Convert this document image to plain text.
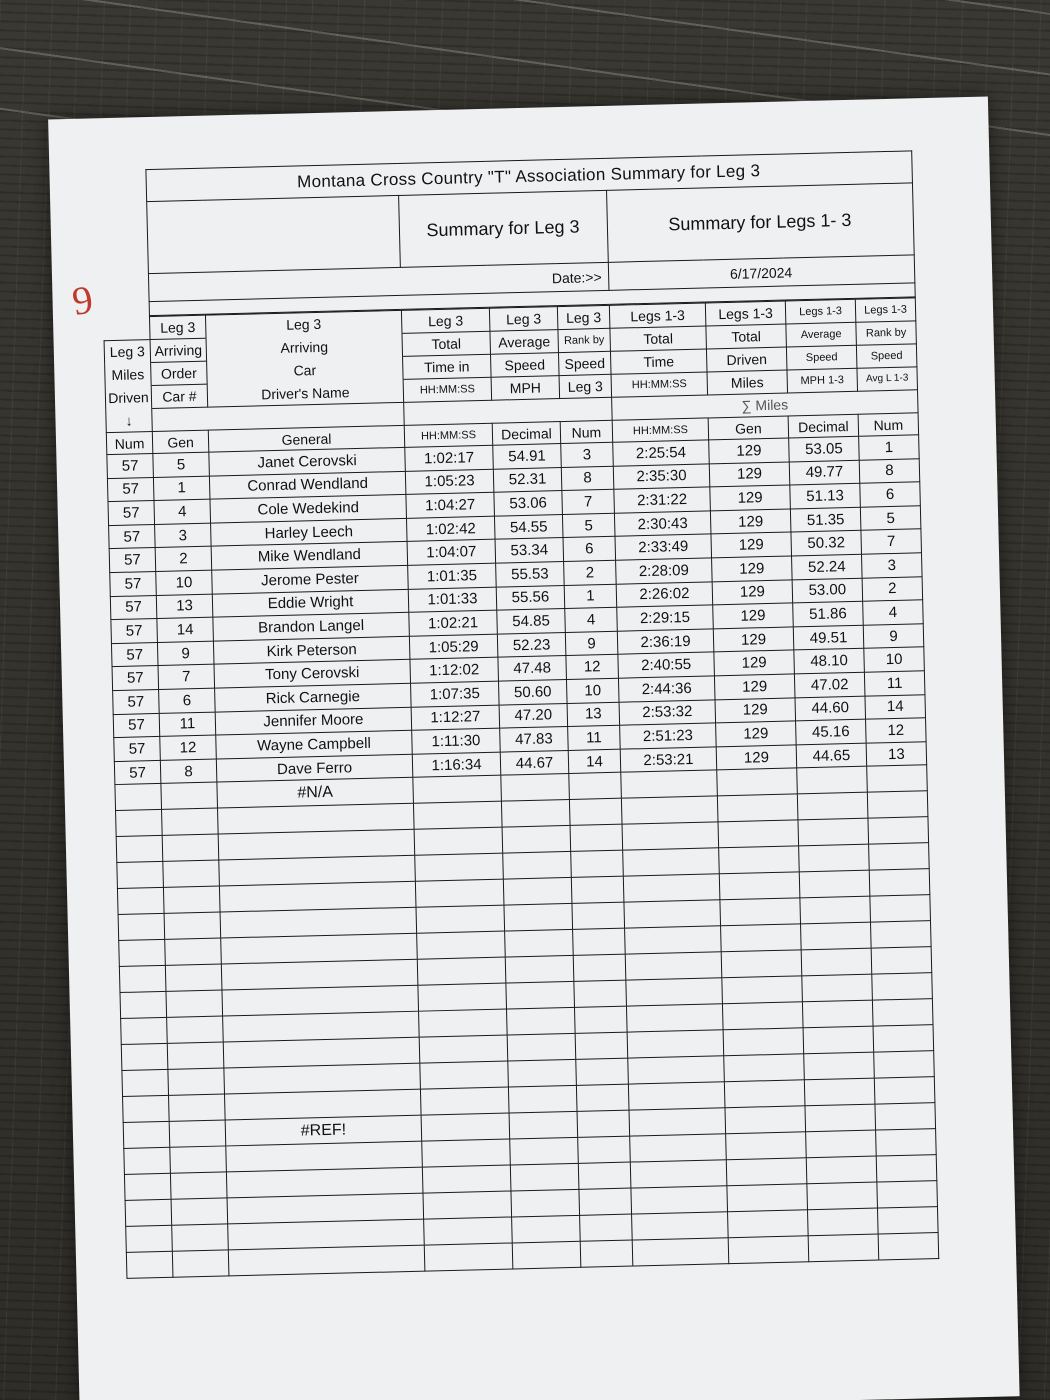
9
	Montana Cross Country "T" Association Summary for Leg 3		
		Summary for Leg 3	Summary for Legs 1- 3
	Date:>>		6/17/2024

	Leg 3	Leg 3	Leg 3	Leg 3	Leg 3	Legs 1-3	Legs 1-3	Legs 1-3	Legs 1-3
Leg 3	Arriving	Arriving	Total	Average	Rank by	Total	Total	Average	Rank by
Miles	Order	Car	Time in	Speed	Speed	Time	Driven	Speed	Speed
Driven	Car #	Driver's Name	HH:MM:SS	MPH	Leg 3	HH:MM:SS	Miles	MPH 1-3	Avg L 1-3
↓						∑ Miles			
Num	Gen	General	HH:MM:SS	Decimal	Num	HH:MM:SS	Gen	Decimal	Num
57	5	Janet Cerovski	1:02:17	54.91	3	2:25:54	129	53.05	1
57	1	Conrad Wendland	1:05:23	52.31	8	2:35:30	129	49.77	8
57	4	Cole Wedekind	1:04:27	53.06	7	2:31:22	129	51.13	6
57	3	Harley Leech	1:02:42	54.55	5	2:30:43	129	51.35	5
57	2	Mike Wendland	1:04:07	53.34	6	2:33:49	129	50.32	7
57	10	Jerome Pester	1:01:35	55.53	2	2:28:09	129	52.24	3
57	13	Eddie Wright	1:01:33	55.56	1	2:26:02	129	53.00	2
57	14	Brandon Langel	1:02:21	54.85	4	2:29:15	129	51.86	4
57	9	Kirk Peterson	1:05:29	52.23	9	2:36:19	129	49.51	9
57	7	Tony Cerovski	1:12:02	47.48	12	2:40:55	129	48.10	10
57	6	Rick Carnegie	1:07:35	50.60	10	2:44:36	129	47.02	11
57	11	Jennifer Moore	1:12:27	47.20	13	2:53:32	129	44.60	14
57	12	Wayne Campbell	1:11:30	47.83	11	2:51:23	129	45.16	12
57	8	Dave Ferro	1:16:34	44.67	14	2:53:21	129	44.65	13
		#N/A							

		#REF!							
